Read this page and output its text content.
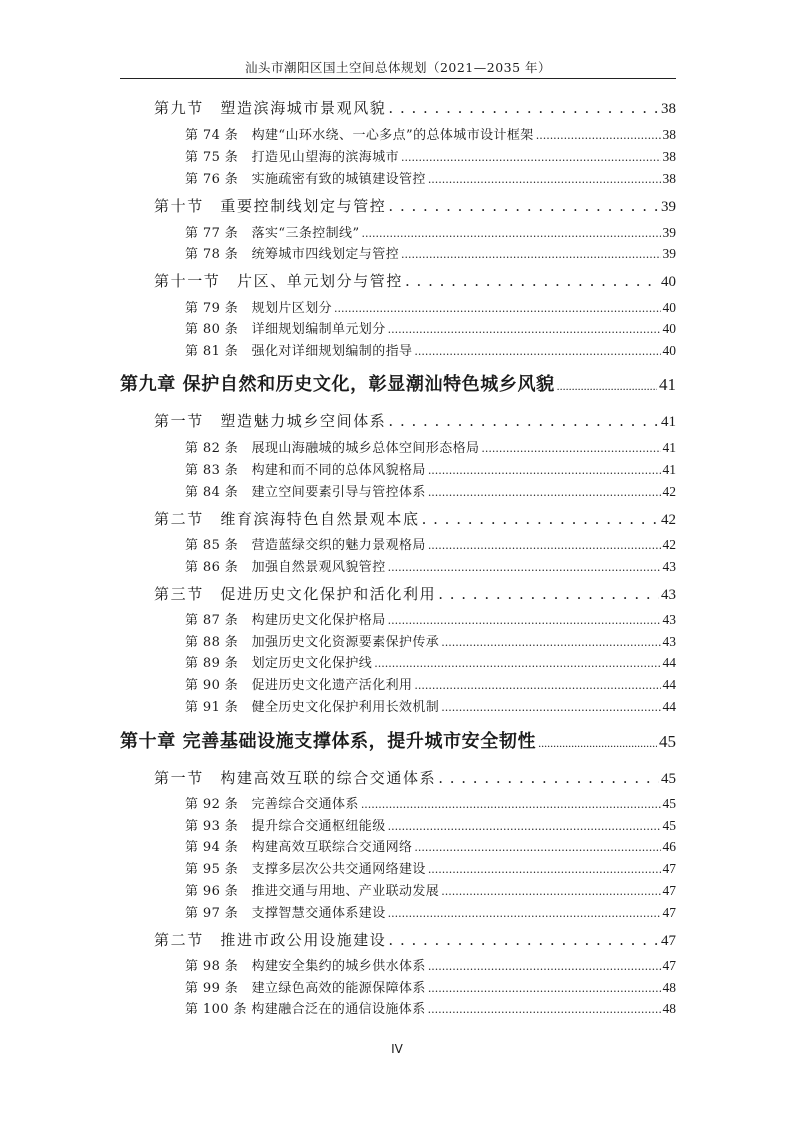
汕头市潮阳区国土空间总体规划（2021—2035 年）
第九节　塑造滨海城市景观风貌 . . .	38
第 74 条　构建“山环水绕、一心多点”的总体城市设计框架 .....	38
第 75 条　打造见山望海的滨海城市 .....	38
第 76 条　实施疏密有致的城镇建设管控 .....	38
第十节　重要控制线划定与管控 . . .	39
第 77 条　落实“三条控制线” .....	39
第 78 条　统筹城市四线划定与管控 .....	39
第十一节　片区、单元划分与管控 . . .	40
第 79 条　规划片区划分 .....	40
第 80 条　详细规划编制单元划分 .....	40
第 81 条　强化对详细规划编制的指导 .....	40
第九章 保护自然和历史文化，彰显潮汕特色城乡风貌 .....	41
第一节　塑造魅力城乡空间体系 . . .	41
第 82 条　展现山海融城的城乡总体空间形态格局 .....	41
第 83 条　构建和而不同的总体风貌格局 .....	41
第 84 条　建立空间要素引导与管控体系 .....	42
第二节　维育滨海特色自然景观本底 . . .	42
第 85 条　营造蓝绿交织的魅力景观格局 .....	42
第 86 条　加强自然景观风貌管控 .....	43
第三节　促进历史文化保护和活化利用 . . .	43
第 87 条　构建历史文化保护格局 .....	43
第 88 条　加强历史文化资源要素保护传承 .....	43
第 89 条　划定历史文化保护线 .....	44
第 90 条　促进历史文化遗产活化利用 .....	44
第 91 条　健全历史文化保护利用长效机制 .....	44
第十章 完善基础设施支撑体系，提升城市安全韧性 .....	45
第一节　构建高效互联的综合交通体系 . . .	45
第 92 条　完善综合交通体系 .....	45
第 93 条　提升综合交通枢纽能级 .....	45
第 94 条　构建高效互联综合交通网络 .....	46
第 95 条　支撑多层次公共交通网络建设 .....	47
第 96 条　推进交通与用地、产业联动发展 .....	47
第 97 条　支撑智慧交通体系建设 .....	47
第二节　推进市政公用设施建设 . . .	47
第 98 条　构建安全集约的城乡供水体系 .....	47
第 99 条　建立绿色高效的能源保障体系 .....	48
第 100 条 构建融合泛在的通信设施体系 .....	48
IV
